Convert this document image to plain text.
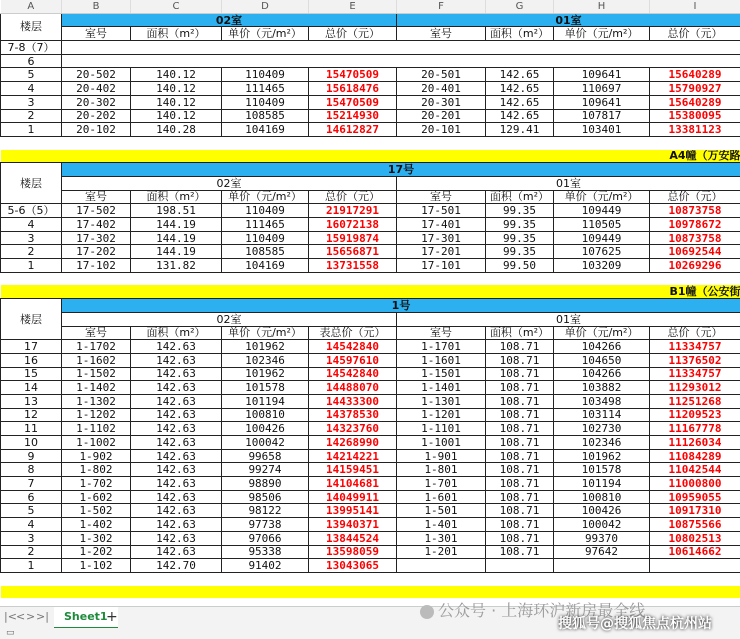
A	B	C	D	E	F	G	H	I
楼层	02室				01室			
	室号	面积（m²）	单价（元/m²）	总价（元）	室号	面积（m²）	单价（元/m²）	总价（元）
7-8（7）								
6								
5	20-502	140.12	110409	15470509	20-501	142.65	109641	15640289
4	20-402	140.12	111465	15618476	20-401	142.65	110697	15790927
3	20-302	140.12	110409	15470509	20-301	142.65	109641	15640289
2	20-202	140.12	108585	15214930	20-201	142.65	107817	15380095
1	20-102	140.28	104169	14612827	20-101	129.41	103401	13381123

A4幢（万安路								
楼层	17号							
	02室				01室			
	室号	面积（m²）	单价（元/m²）	总价（元）	室号	面积（m²）	单价（元/m²）	总价（元）
5-6（5）	17-502	198.51	110409	21917291	17-501	99.35	109449	10873758
4	17-402	144.19	111465	16072138	17-401	99.35	110505	10978672
3	17-302	144.19	110409	15919874	17-301	99.35	109449	10873758
2	17-202	144.19	108585	15656871	17-201	99.35	107625	10692544
1	17-102	131.82	104169	13731558	17-101	99.50	103209	10269296

B1幢（公安街								
楼层	1号							
	02室				01室			
	室号	面积（m²）	单价（元/m²）	表总价（元）	室号	面积（m²）	单价（元/m²）	总价（元）
17	1-1702	142.63	101962	14542840	1-1701	108.71	104266	11334757
16	1-1602	142.63	102346	14597610	1-1601	108.71	104650	11376502
15	1-1502	142.63	101962	14542840	1-1501	108.71	104266	11334757
14	1-1402	142.63	101578	14488070	1-1401	108.71	103882	11293012
13	1-1302	142.63	101194	14433300	1-1301	108.71	103498	11251268
12	1-1202	142.63	100810	14378530	1-1201	108.71	103114	11209523
11	1-1102	142.63	100426	14323760	1-1101	108.71	102730	11167778
10	1-1002	142.63	100042	14268990	1-1001	108.71	102346	11126034
9	1-902	142.63	99658	14214221	1-901	108.71	101962	11084289
8	1-802	142.63	99274	14159451	1-801	108.71	101578	11042544
7	1-702	142.63	98890	14104681	1-701	108.71	101194	11000800
6	1-602	142.63	98506	14049911	1-601	108.71	100810	10959055
5	1-502	142.63	98122	13995141	1-501	108.71	100426	10917310
4	1-402	142.63	97738	13940371	1-401	108.71	100042	10875566
3	1-302	142.63	97066	13844524	1-301	108.71	99370	10802513
2	1-202	142.63	95338	13598059	1-201	108.71	97642	10614662
1	1-102	142.70	91402	13043065				

|< < > >|	Sheet1
+
▭
公众号 · 上海环沪新房最全线
搜狐号@搜狐焦点杭州站
